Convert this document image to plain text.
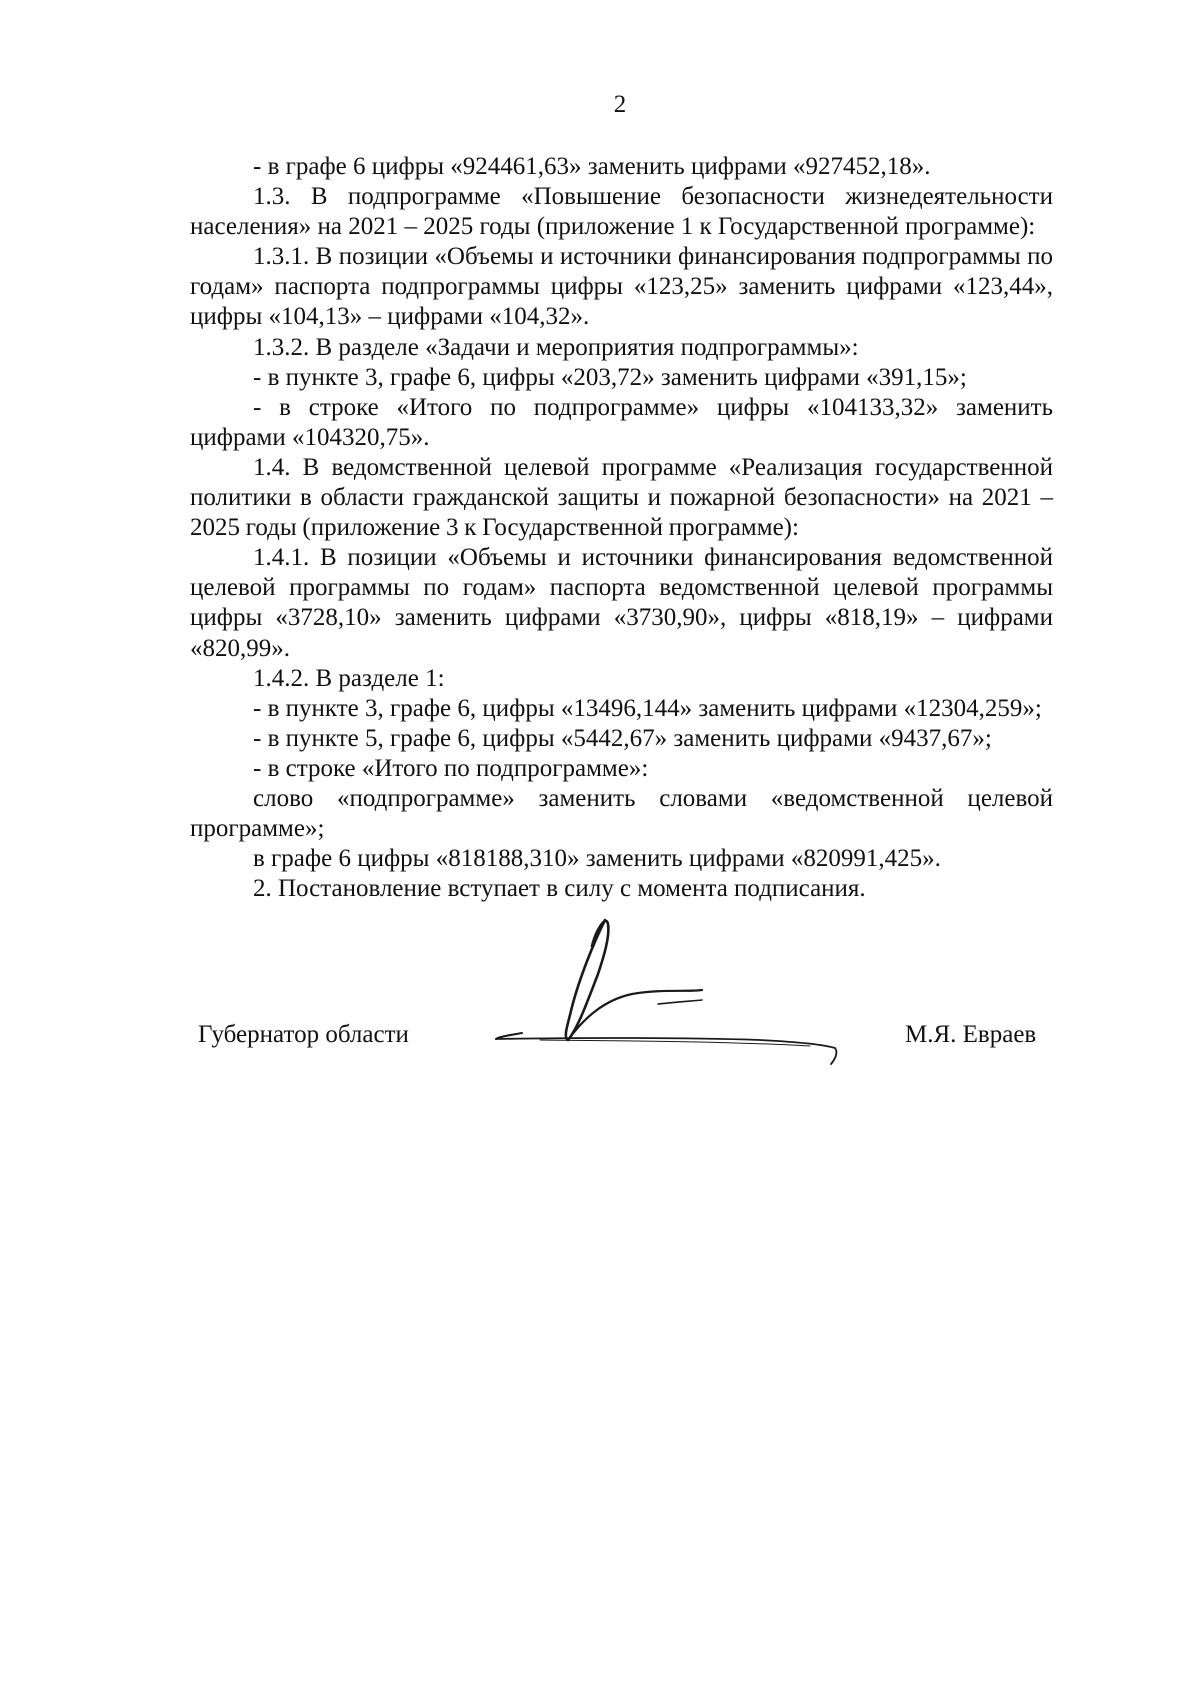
2

- в графе 6 цифры «924461,63» заменить цифрами «927452,18».

1.3. В подпрограмме «Повышение безопасности жизнедеятельности населения» на 2021 – 2025 годы (приложение 1 к Государственной программе):

1.3.1. В позиции «Объемы и источники финансирования подпрограммы по годам» паспорта подпрограммы цифры «123,25» заменить цифрами «123,44», цифры «104,13» – цифрами «104,32».

1.3.2. В разделе «Задачи и мероприятия подпрограммы»:

- в пункте 3, графе 6, цифры «203,72» заменить цифрами «391,15»;

- в строке «Итого по подпрограмме» цифры «104133,32» заменить цифрами «104320,75».

1.4. В ведомственной целевой программе «Реализация государственной политики в области гражданской защиты и пожарной безопасности» на 2021 – 2025 годы (приложение 3 к Государственной программе):

1.4.1. В позиции «Объемы и источники финансирования ведомственной целевой программы по годам» паспорта ведомственной целевой программы цифры «3728,10» заменить цифрами «3730,90», цифры «818,19» – цифрами «820,99».

1.4.2. В разделе 1:

- в пункте 3, графе 6, цифры «13496,144» заменить цифрами «12304,259»;

- в пункте 5, графе 6, цифры «5442,67» заменить цифрами «9437,67»;

- в строке «Итого по подпрограмме»:

слово «подпрограмме» заменить словами «ведомственной целевой программе»;

в графе 6 цифры «818188,310» заменить цифрами «820991,425».

2. Постановление вступает в силу с момента подписания.

Губернатор области	М.Я. Евраев
